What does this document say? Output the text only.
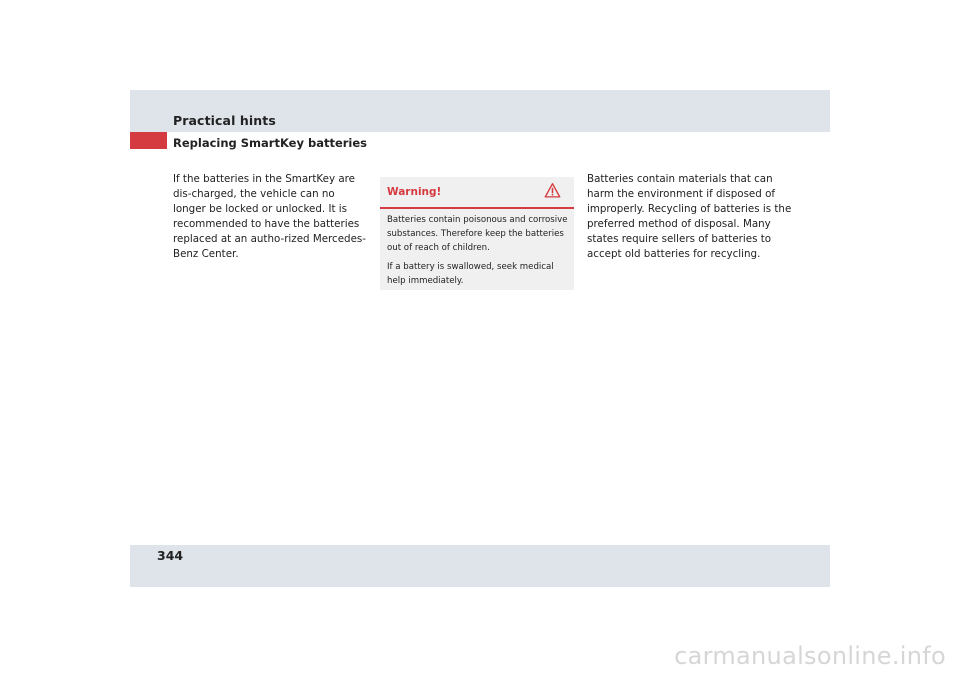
Practical hints
Replacing SmartKey batteries

If the batteries in the SmartKey are dis-charged, the vehicle can no longer be locked or unlocked. It is recommended to have the batteries replaced at an autho-rized Mercedes-Benz Center.

Warning!

Batteries contain poisonous and corrosive substances. Therefore keep the batteries out of reach of children.

If a battery is swallowed, seek medical help immediately.

Batteries contain materials that can harm the environment if disposed of improperly. Recycling of batteries is the preferred method of disposal. Many states require sellers of batteries to accept old batteries for recycling.

344
carmanualsonline.info
